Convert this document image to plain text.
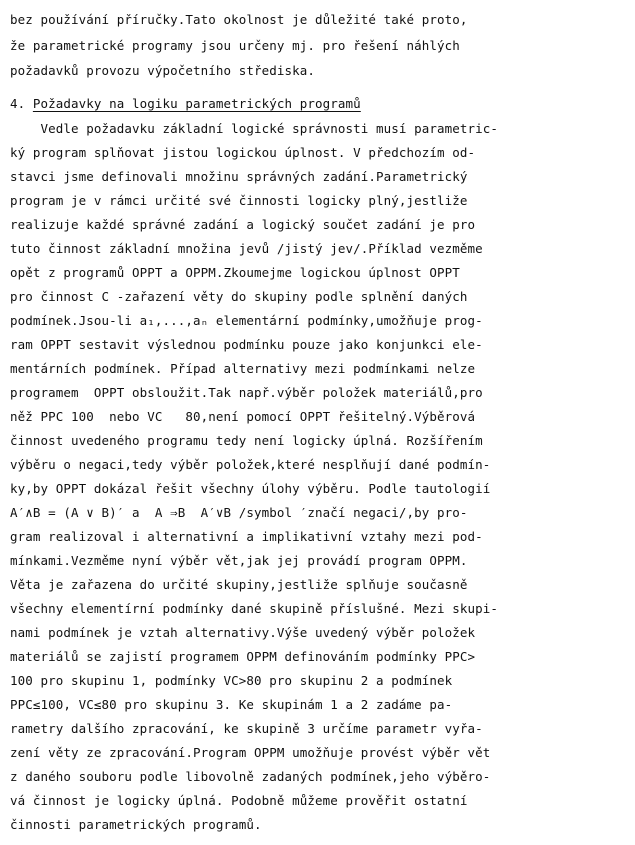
bez používání příručky.Tato okolnost je důležité také proto,
že parametrické programy jsou určeny mj. pro řešení náhlých
požadavků provozu výpočetního střediska.
4. Požadavky na logiku parametrických programů
Vedle požadavku základní logické správnosti musí parametric-
ký program splňovat jistou logickou úplnost. V předchozím od-
stavci jsme definovali množinu správných zadání.Parametrický
program je v rámci určité své činnosti logicky plný,jestliže
realizuje každé správné zadání a logický součet zadání je pro
tuto činnost základní množina jevů /jistý jev/.Příklad vezměme
opět z programů OPPT a OPPM.Zkoumejme logickou úplnost OPPT
pro činnost C -zařazení věty do skupiny podle splnění daných
podmínek.Jsou-li a₁,...,aₙ elementární podmínky,umožňuje prog-
ram OPPT sestavit výslednou podmínku pouze jako konjunkci ele-
mentárních podmínek. Případ alternativy mezi podmínkami nelze
programem  OPPT obsloužit.Tak např.výběr položek materiálů,pro
něž PPC 100  nebo VC   80,není pomocí OPPT řešitelný.Výběrová
činnost uvedeného programu tedy není logicky úplná. Rozšířením
výběru o negaci,tedy výběr položek,které nesplňují dané podmín-
ky,by OPPT dokázal řešit všechny úlohy výběru. Podle tautologií
A′∧B = (A ∨ B)′ a  A ⇒B  A′∨B /symbol ′značí negaci/,by pro-
gram realizoval i alternativní a implikativní vztahy mezi pod-
mínkami.Vezměme nyní výběr vět,jak jej provádí program OPPM.
Věta je zařazena do určité skupiny,jestliže splňuje současně
všechny elementírní podmínky dané skupině příslušné. Mezi skupi-
nami podmínek je vztah alternativy.Výše uvedený výběr položek
materiálů se zajistí programem OPPM definováním podmínky PPC>
100 pro skupinu 1, podmínky VC>80 pro skupinu 2 a podmínek
PPC≤100, VC≤80 pro skupinu 3. Ke skupinám 1 a 2 zadáme pa-
rametry dalšího zpracování, ke skupině 3 určíme parametr vyřa-
zení věty ze zpracování.Program OPPM umožňuje provést výběr vět
z daného souboru podle libovolně zadaných podmínek,jeho výběro-
vá činnost je logicky úplná. Podobně můžeme prověřit ostatní
činnosti parametrických programů.
